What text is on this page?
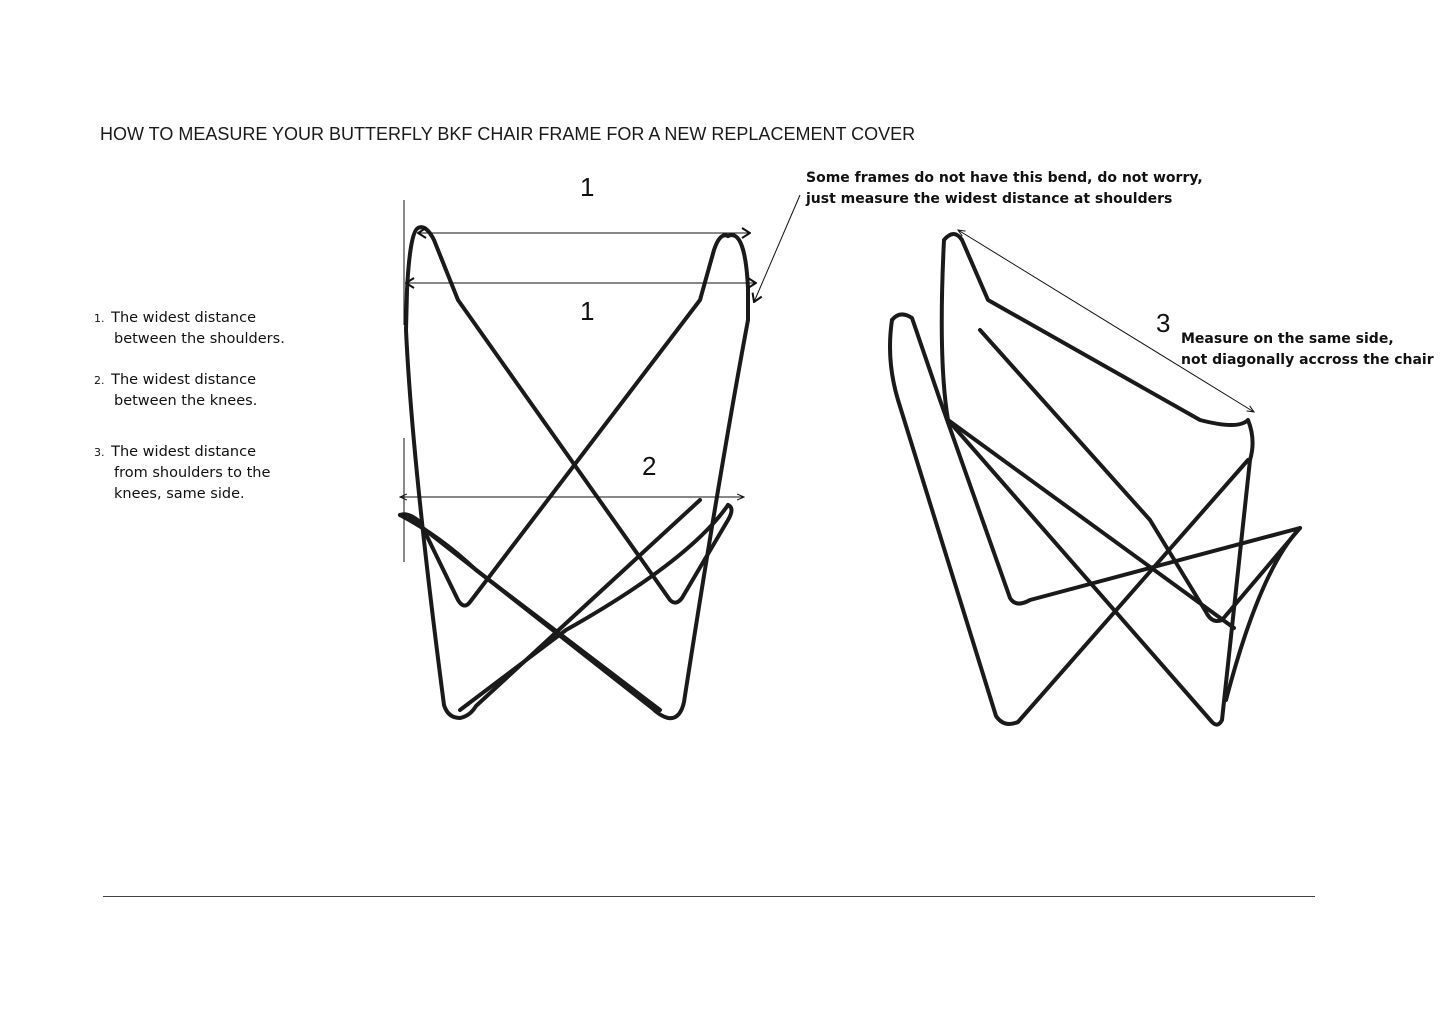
HOW TO MEASURE YOUR BUTTERFLY BKF CHAIR FRAME FOR A NEW REPLACEMENT COVER
1. The widest distance
between the shoulders.
2. The widest distance
between the knees.
3. The widest distance
from shoulders to the
knees, same side.
Some frames do not have this bend, do not worry,
just measure the widest distance at shoulders
Measure on the same side,
not diagonally accross the chair
1
1
2
3
